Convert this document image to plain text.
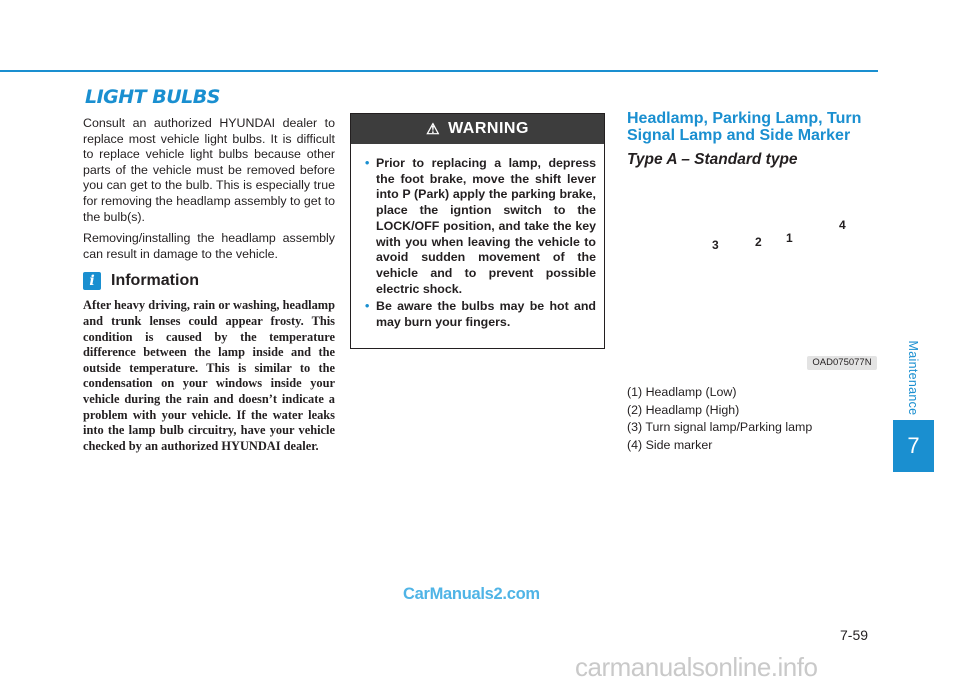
LIGHT BULBS

Consult an authorized HYUNDAI dealer to replace most vehicle light bulbs. It is difficult to replace vehicle light bulbs because other parts of the vehicle must be removed before you can get to the bulb. This is especially true for removing the headlamp assembly to get to the bulb(s).

Removing/installing the headlamp assembly can result in damage to the vehicle.

i	Information

After heavy driving, rain or washing, headlamp and trunk lenses could appear frosty. This condition is caused by the temperature difference between the lamp inside and the outside temperature. This is similar to the condensation on your windows inside your vehicle during the rain and doesn’t indicate a problem with your vehicle. If the water leaks into the lamp bulb circuitry, have your vehicle checked by an authorized HYUNDAI dealer.

⚠ WARNING
• Prior to replacing a lamp, depress the foot brake, move the shift lever into P (Park) apply the parking brake, place the igntion switch to the LOCK/OFF position, and take the key with you when leaving the vehicle to avoid sudden movement of the vehicle and to prevent possible electric shock.
• Be aware the bulbs may be hot and may burn your fingers.
Headlamp, Parking Lamp, Turn Signal Lamp and Side Marker
Type A – Standard type
1
2
3
4
OAD075077N
(1) Headlamp (Low)
(2) Headlamp (High)
(3) Turn signal lamp/Parking lamp
(4) Side marker
Maintenance
7
7-59
CarManuals2.com
carmanualsonline.info
